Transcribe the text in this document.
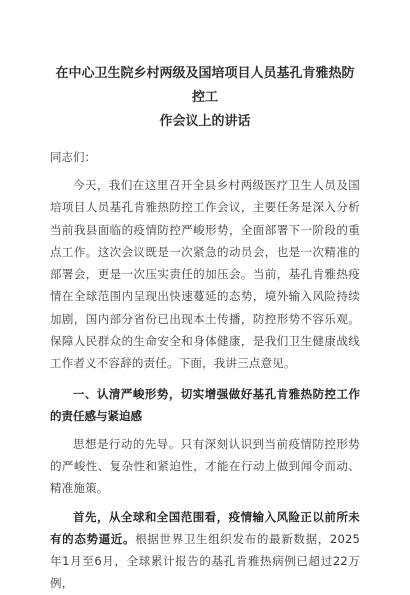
在中心卫生院乡村两级及国培项目人员基孔肯雅热防控工
作会议上的讲话

同志们：

今天，我们在这里召开全县乡村两级医疗卫生人员及国培项目人员基孔肯雅热防控工作会议，主要任务是深入分析当前我县面临的疫情防控严峻形势，全面部署下一阶段的重点工作。这次会议既是一次紧急的动员会，也是一次精准的部署会，更是一次压实责任的加压会。当前，基孔肯雅热疫情在全球范围内呈现出快速蔓延的态势，境外输入风险持续加剧，国内部分省份已出现本土传播，防控形势不容乐观。保障人民群众的生命安全和身体健康，是我们卫生健康战线工作者义不容辞的责任。下面，我讲三点意见。

一、认清严峻形势，切实增强做好基孔肯雅热防控工作的责任感与紧迫感

思想是行动的先导。只有深刻认识到当前疫情防控形势的严峻性、复杂性和紧迫性，才能在行动上做到闻令而动、精准施策。

首先，从全球和全国范围看，疫情输入风险正以前所未有的态势逼近。根据世界卫生组织发布的最新数据，2025年1月至6月，全球累计报告的基孔肯雅热病例已超过22万例，
